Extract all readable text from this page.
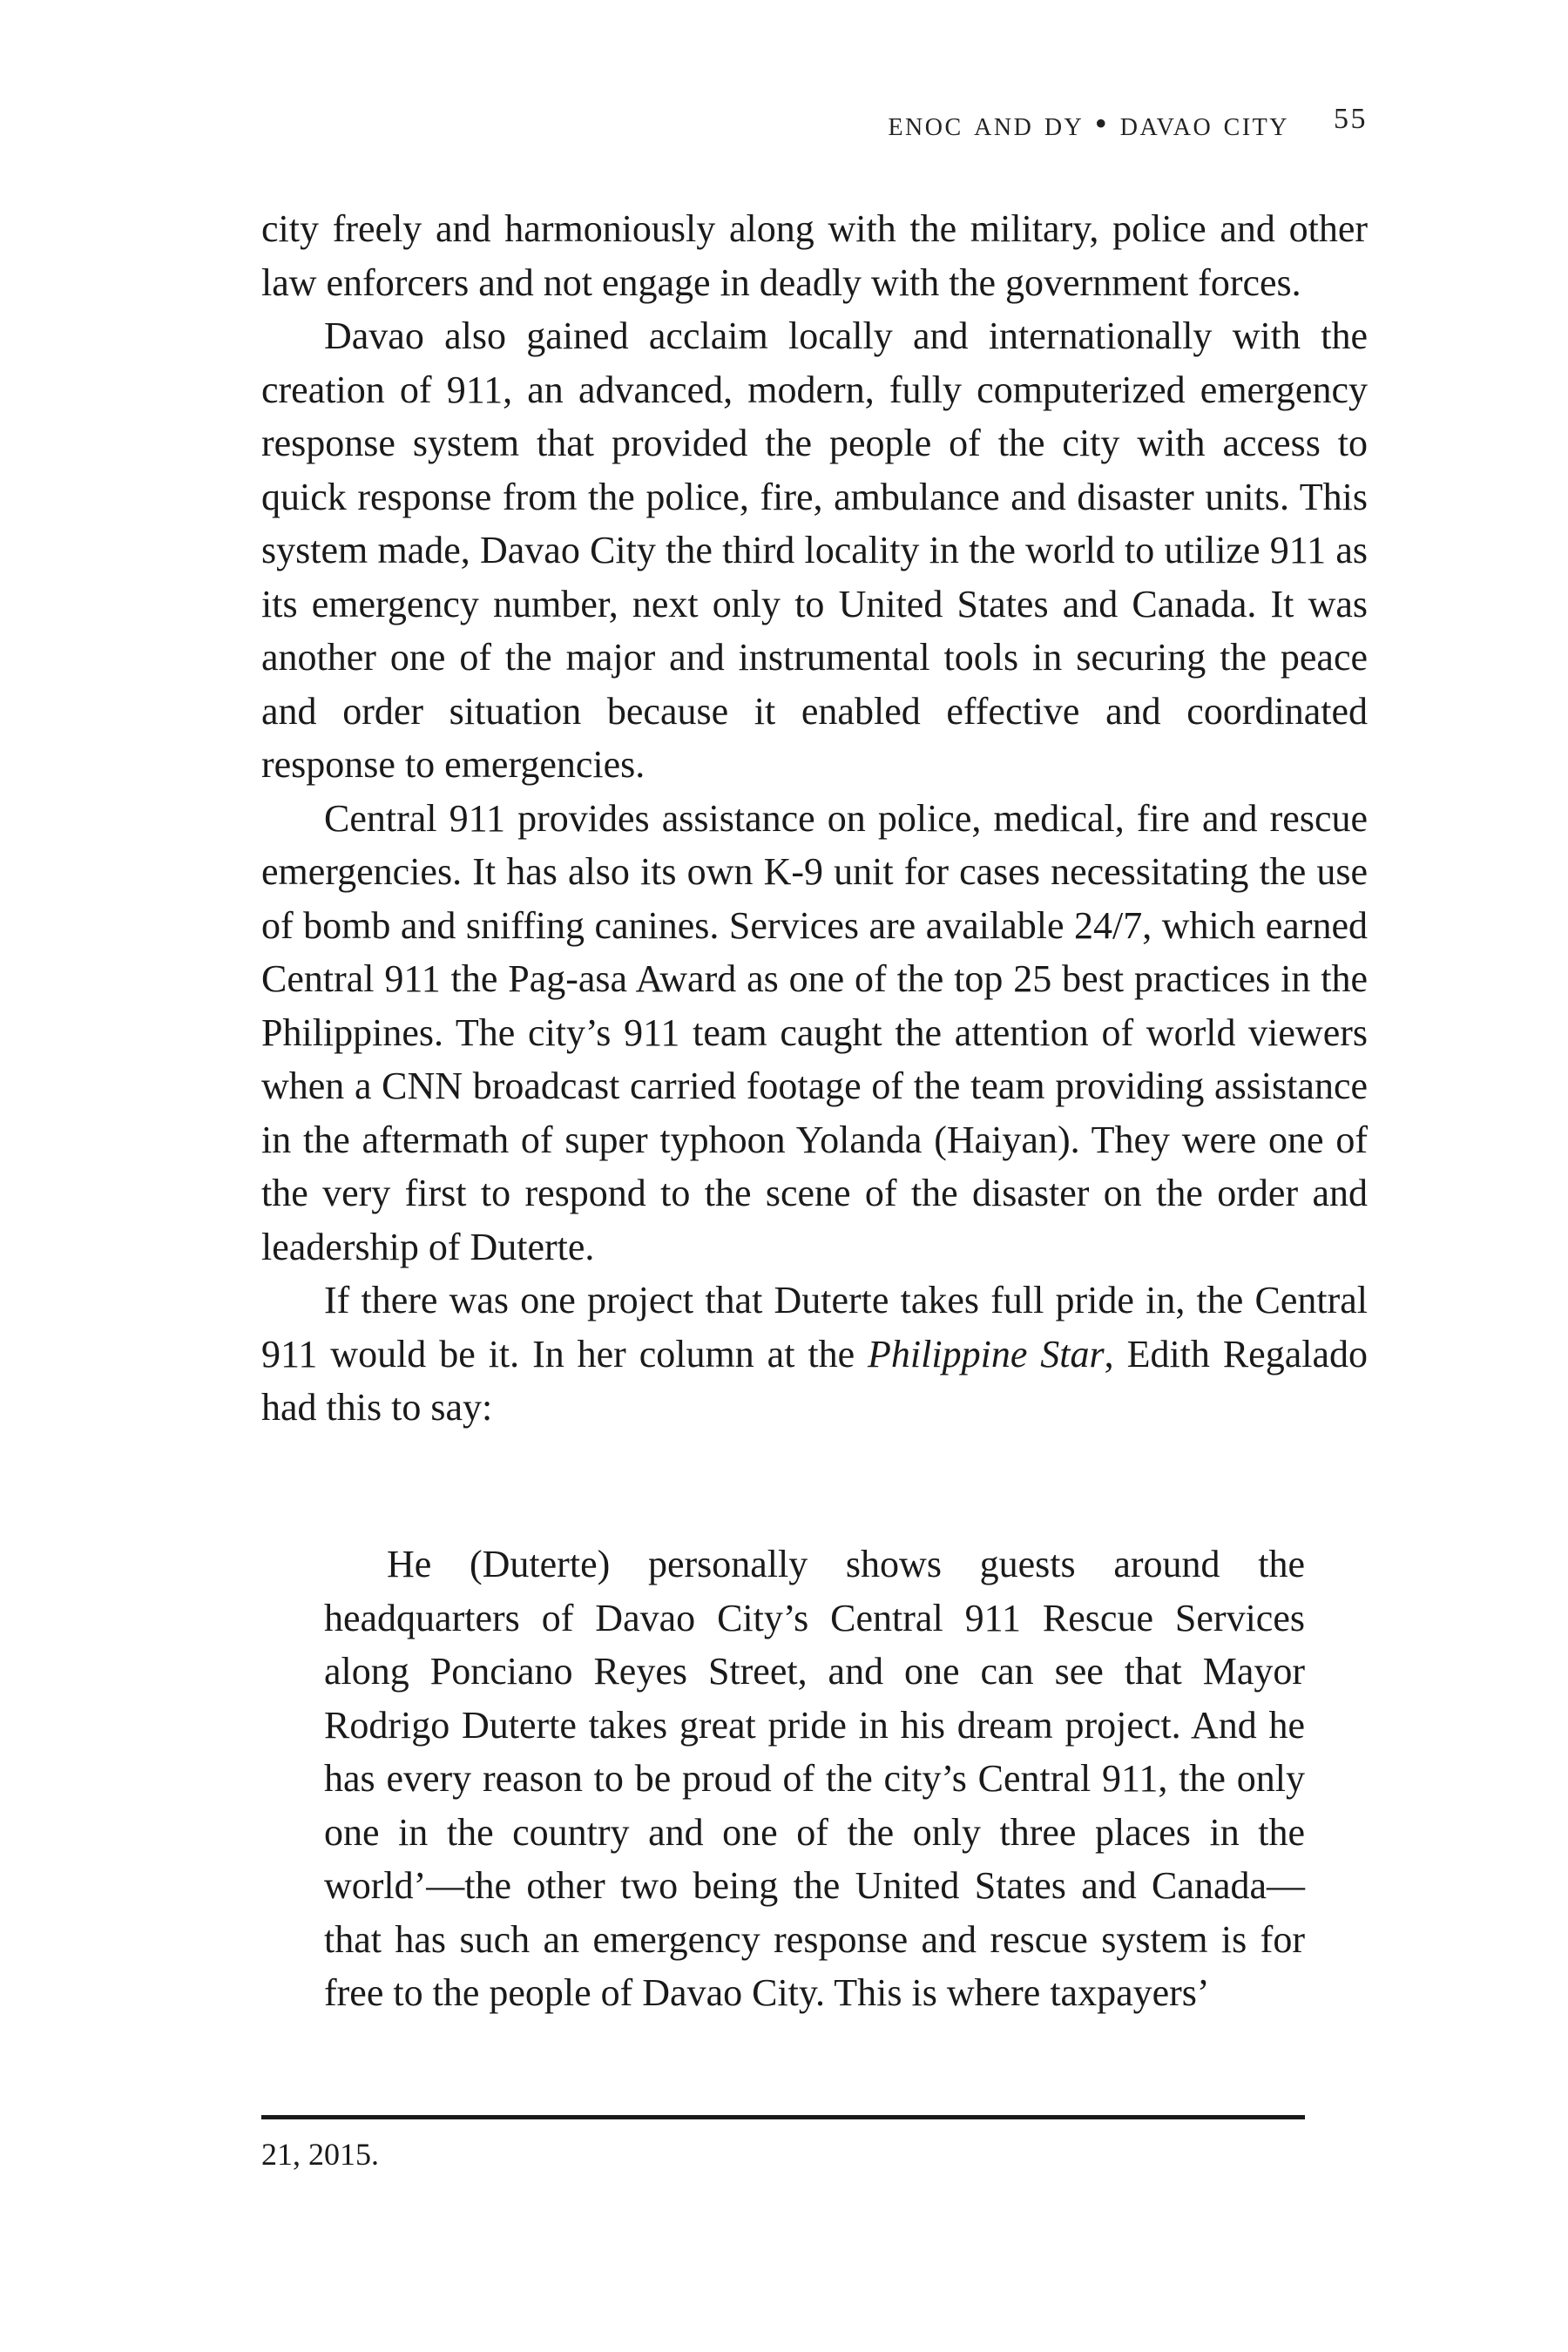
enoc and dy • davao city 55

city freely and harmoniously along with the military, police and other law enforcers and not engage in deadly with the government forces.

Davao also gained acclaim locally and internationally with the creation of 911, an advanced, modern, fully computerized emergency response system that provided the people of the city with access to quick response from the police, fire, ambulance and disaster units. This system made, Davao City the third locality in the world to utilize 911 as its emergency number, next only to United States and Canada. It was another one of the major and instrumental tools in securing the peace and order situation because it enabled effective and coordinated response to emergencies.

Central 911 provides assistance on police, medical, fire and rescue emergencies. It has also its own K-9 unit for cases necessitating the use of bomb and sniffing canines. Services are available 24/7, which earned Central 911 the Pag-asa Award as one of the top 25 best practices in the Philippines. The city’s 911 team caught the attention of world viewers when a CNN broadcast carried footage of the team providing assistance in the aftermath of super typhoon Yolanda (Haiyan). They were one of the very first to respond to the scene of the disaster on the order and leadership of Duterte.

If there was one project that Duterte takes full pride in, the Central 911 would be it. In her column at the Philippine Star, Edith Regalado had this to say:

He (Duterte) personally shows guests around the headquarters of Davao City’s Central 911 Rescue Services along Ponciano Reyes Street, and one can see that Mayor Rodrigo Duterte takes great pride in his dream project. And he has every reason to be proud of the city’s Central 911, the only one in the country and one of the only three places in the world’—the other two being the United States and Canada—that has such an emergency response and rescue system is for free to the people of Davao City. This is where taxpayers’

21, 2015.
